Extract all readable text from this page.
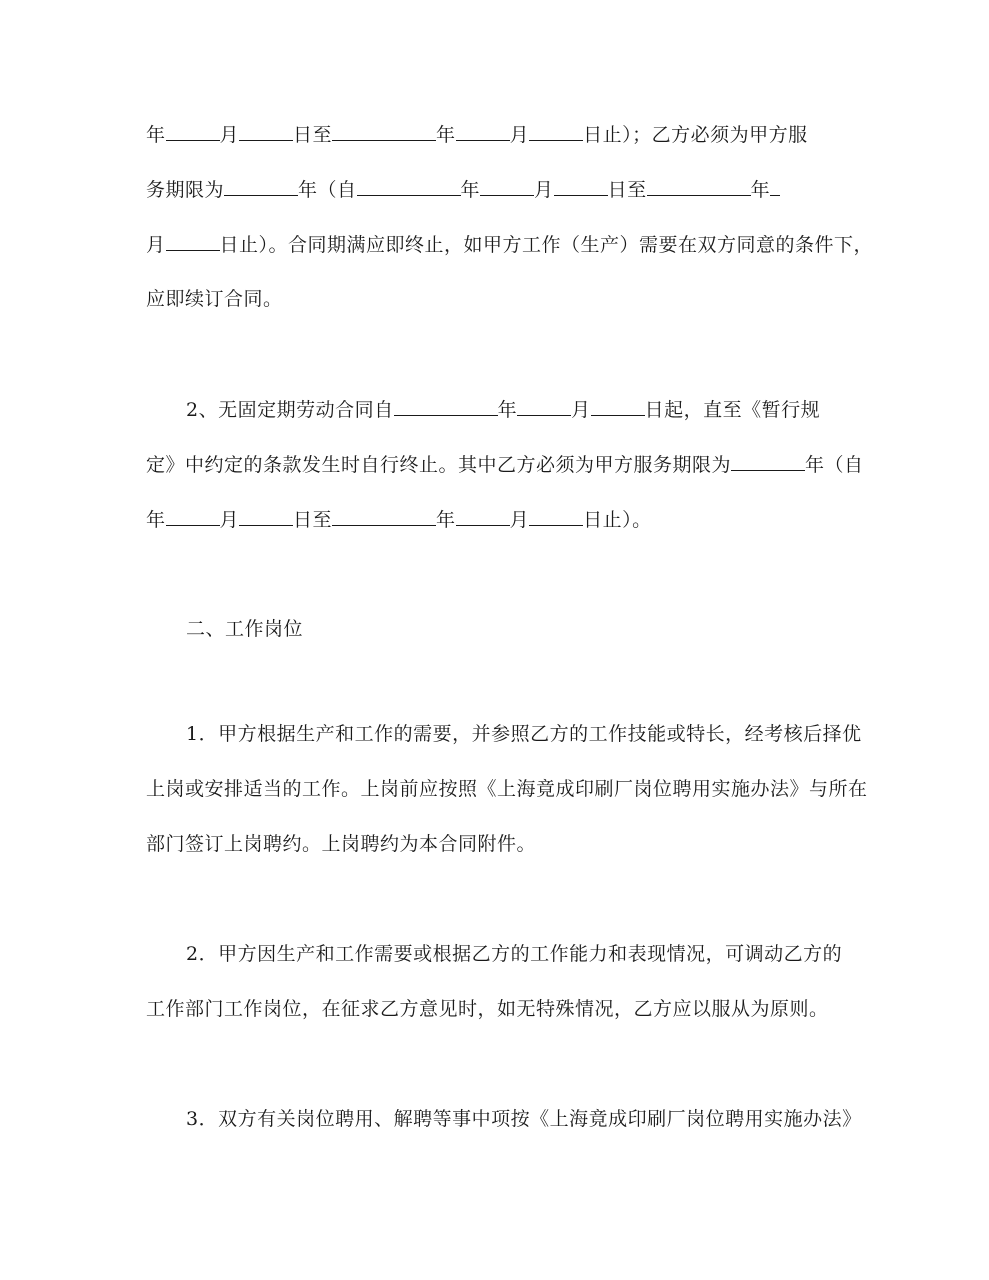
年	月	日至	年	月	日止）；乙方必须为甲方服
务期限为	年（自	年	月	日至	年
月	日止）。合同期满应即终止，如甲方工作（生产）需要在双方同意的条件下，
应即续订合同。
2、无固定期劳动合同自	年	月	日起，直至《暂行规
定》中约定的条款发生时自行终止。其中乙方必须为甲方服务期限为	年（自
年	月	日至	年	月	日止）。
二、工作岗位
1．甲方根据生产和工作的需要，并参照乙方的工作技能或特长，经考核后择优
上岗或安排适当的工作。上岗前应按照《上海竟成印刷厂岗位聘用实施办法》与所在
部门签订上岗聘约。上岗聘约为本合同附件。
2．甲方因生产和工作需要或根据乙方的工作能力和表现情况，可调动乙方的
工作部门工作岗位，在征求乙方意见时，如无特殊情况，乙方应以服从为原则。
3．双方有关岗位聘用、解聘等事中项按《上海竟成印刷厂岗位聘用实施办法》
